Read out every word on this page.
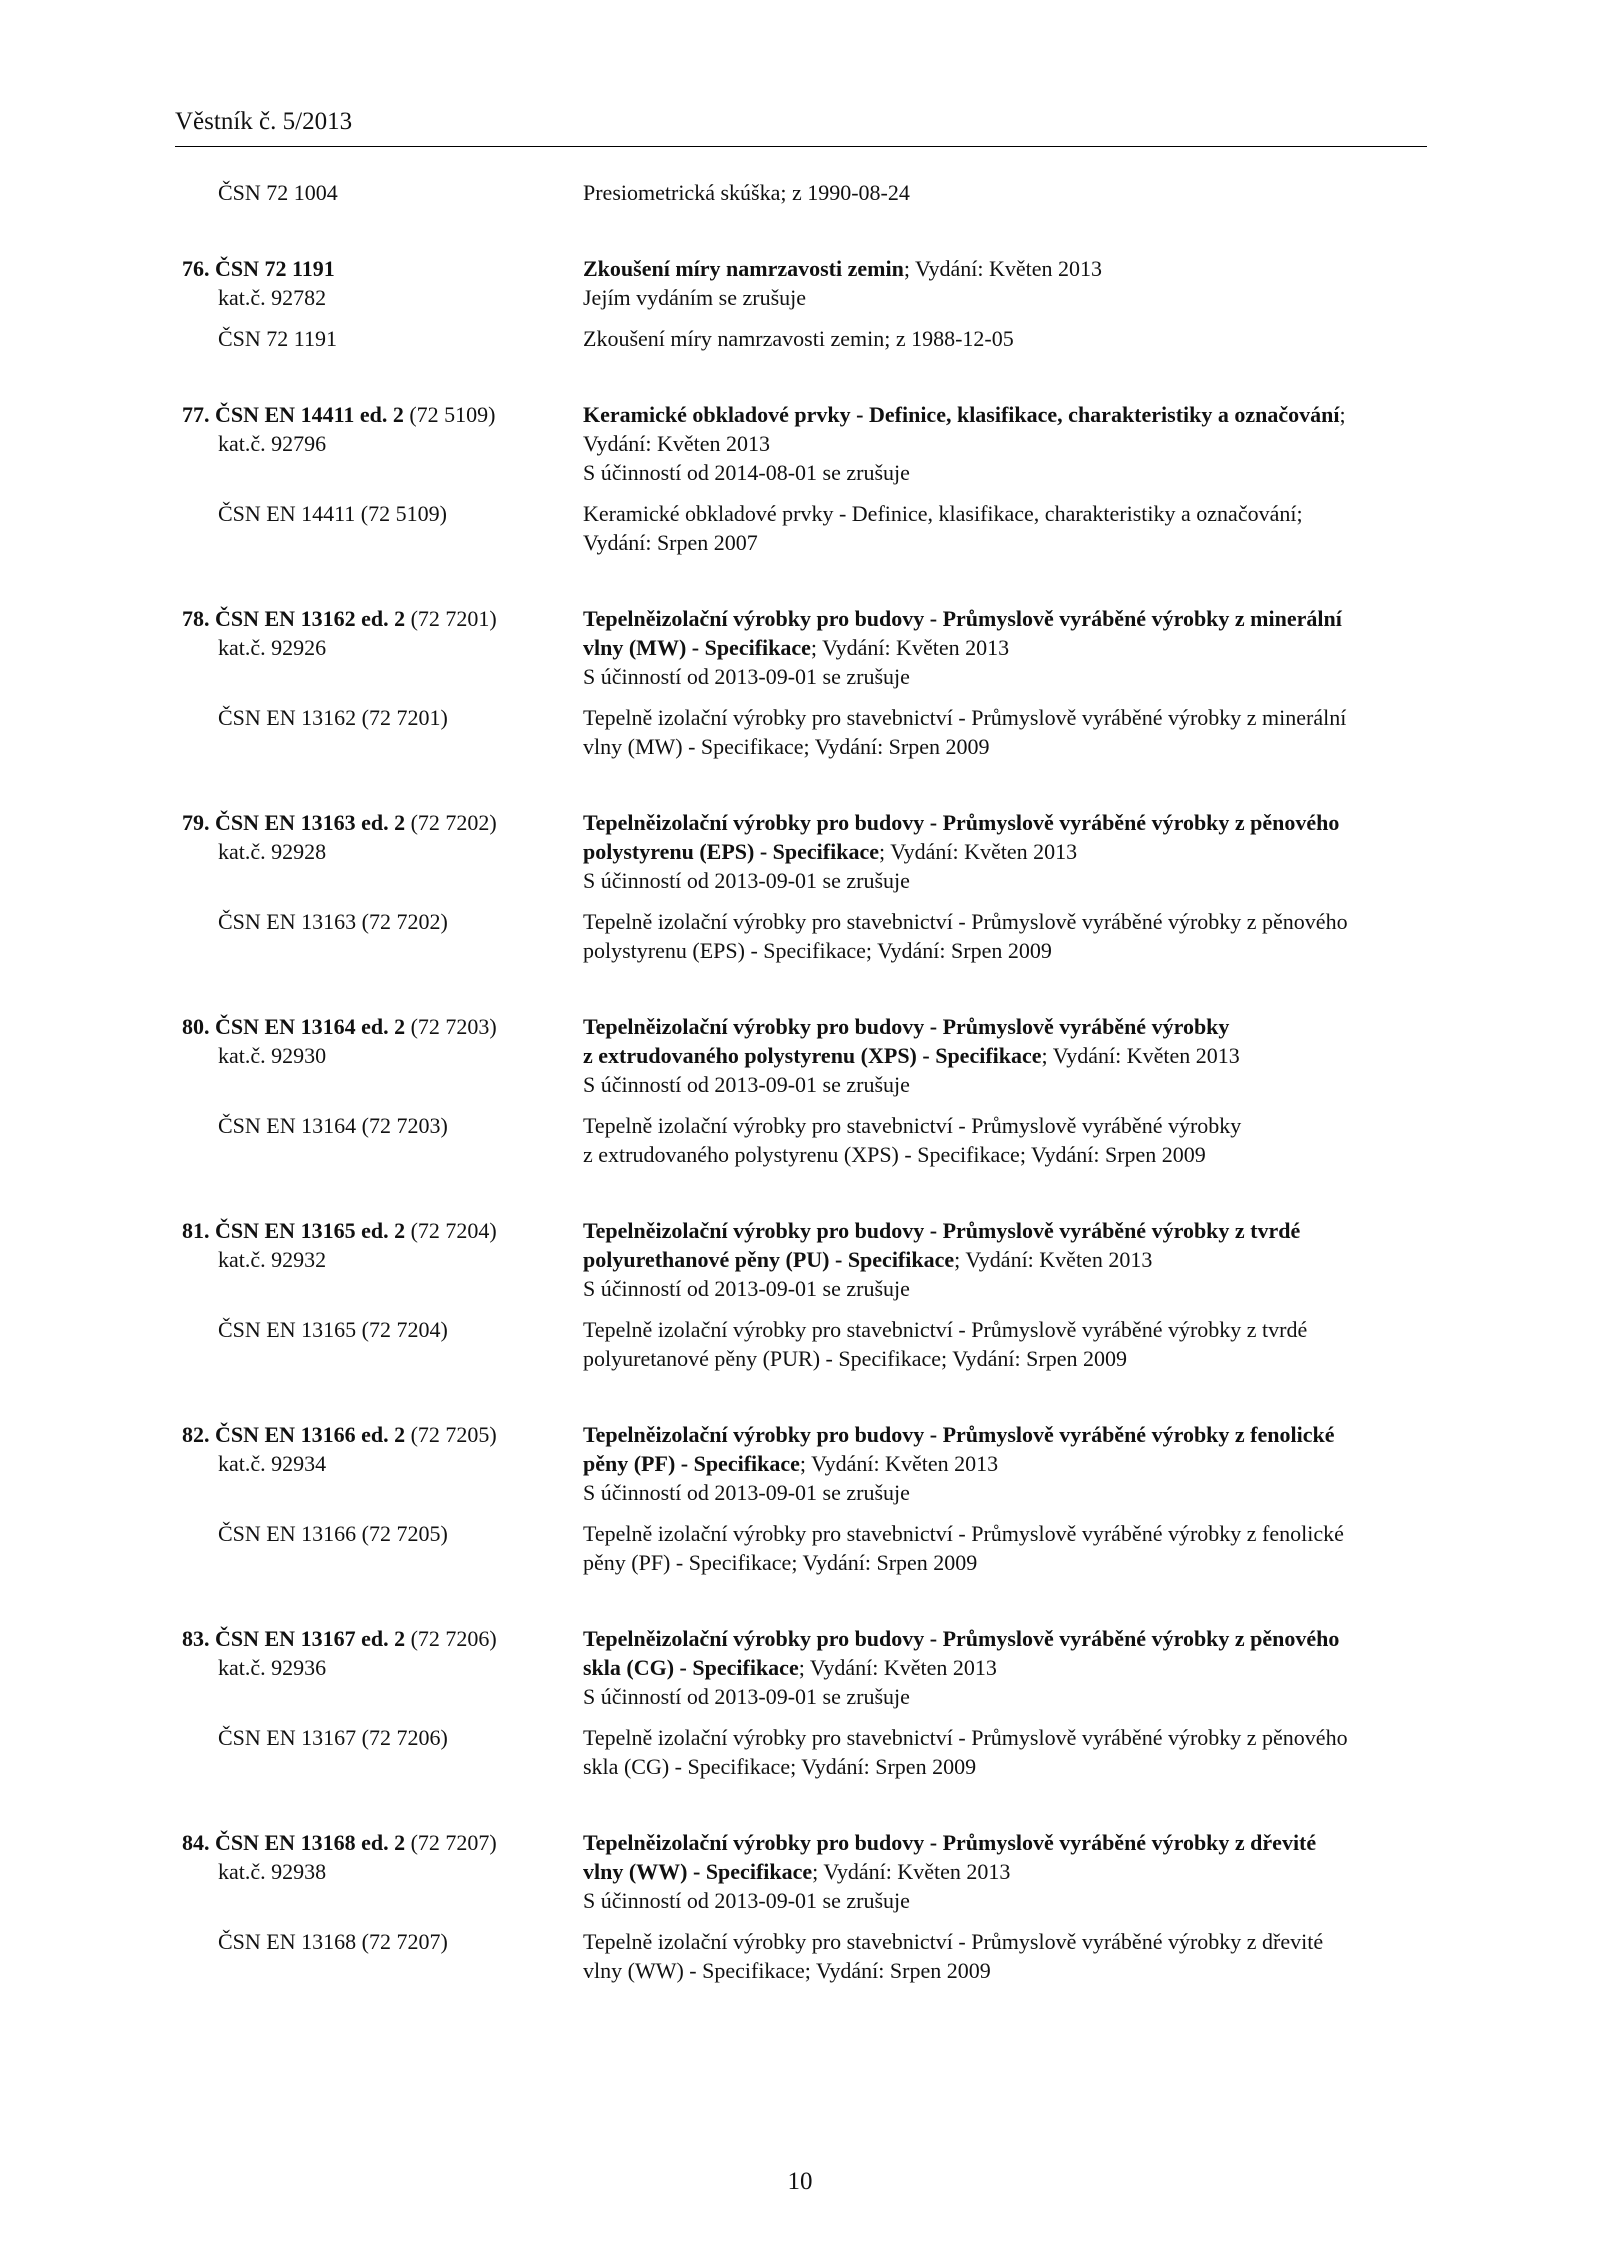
Věstník č. 5/2013
ČSN 72 1004	Presiometrická skúška; z 1990-08-24
76. ČSN 72 1191	Zkoušení míry namrzavosti zemin; Vydání: Květen 2013
kat.č. 92782	Jejím vydáním se zrušuje
ČSN 72 1191	Zkoušení míry namrzavosti zemin; z 1988-12-05
77. ČSN EN 14411 ed. 2 (72 5109)	Keramické obkladové prvky - Definice, klasifikace, charakteristiky a označování;
kat.č. 92796	Vydání: Květen 2013
S účinností od 2014-08-01 se zrušuje
ČSN EN 14411 (72 5109)	Keramické obkladové prvky - Definice, klasifikace, charakteristiky a označování;
Vydání: Srpen 2007
78. ČSN EN 13162 ed. 2 (72 7201)	Tepelněizolační výrobky pro budovy - Průmyslově vyráběné výrobky z minerální
kat.č. 92926	vlny (MW) - Specifikace; Vydání: Květen 2013
S účinností od 2013-09-01 se zrušuje
ČSN EN 13162 (72 7201)	Tepelně izolační výrobky pro stavebnictví - Průmyslově vyráběné výrobky z minerální
vlny (MW) - Specifikace; Vydání: Srpen 2009
79. ČSN EN 13163 ed. 2 (72 7202)	Tepelněizolační výrobky pro budovy - Průmyslově vyráběné výrobky z pěnového
kat.č. 92928	polystyrenu (EPS) - Specifikace; Vydání: Květen 2013
S účinností od 2013-09-01 se zrušuje
ČSN EN 13163 (72 7202)	Tepelně izolační výrobky pro stavebnictví - Průmyslově vyráběné výrobky z pěnového
polystyrenu (EPS) - Specifikace; Vydání: Srpen 2009
80. ČSN EN 13164 ed. 2 (72 7203)	Tepelněizolační výrobky pro budovy - Průmyslově vyráběné výrobky
kat.č. 92930	z extrudovaného polystyrenu (XPS) - Specifikace; Vydání: Květen 2013
S účinností od 2013-09-01 se zrušuje
ČSN EN 13164 (72 7203)	Tepelně izolační výrobky pro stavebnictví - Průmyslově vyráběné výrobky
z extrudovaného polystyrenu (XPS) - Specifikace; Vydání: Srpen 2009
81. ČSN EN 13165 ed. 2 (72 7204)	Tepelněizolační výrobky pro budovy - Průmyslově vyráběné výrobky z tvrdé
kat.č. 92932	polyurethanové pěny (PU) - Specifikace; Vydání: Květen 2013
S účinností od 2013-09-01 se zrušuje
ČSN EN 13165 (72 7204)	Tepelně izolační výrobky pro stavebnictví - Průmyslově vyráběné výrobky z tvrdé
polyuretanové pěny (PUR) - Specifikace; Vydání: Srpen 2009
82. ČSN EN 13166 ed. 2 (72 7205)	Tepelněizolační výrobky pro budovy - Průmyslově vyráběné výrobky z fenolické
kat.č. 92934	pěny (PF) - Specifikace; Vydání: Květen 2013
S účinností od 2013-09-01 se zrušuje
ČSN EN 13166 (72 7205)	Tepelně izolační výrobky pro stavebnictví - Průmyslově vyráběné výrobky z fenolické
pěny (PF) - Specifikace; Vydání: Srpen 2009
83. ČSN EN 13167 ed. 2 (72 7206)	Tepelněizolační výrobky pro budovy - Průmyslově vyráběné výrobky z pěnového
kat.č. 92936	skla (CG) - Specifikace; Vydání: Květen 2013
S účinností od 2013-09-01 se zrušuje
ČSN EN 13167 (72 7206)	Tepelně izolační výrobky pro stavebnictví - Průmyslově vyráběné výrobky z pěnového
skla (CG) - Specifikace; Vydání: Srpen 2009
84. ČSN EN 13168 ed. 2 (72 7207)	Tepelněizolační výrobky pro budovy - Průmyslově vyráběné výrobky z dřevité
kat.č. 92938	vlny (WW) - Specifikace; Vydání: Květen 2013
S účinností od 2013-09-01 se zrušuje
ČSN EN 13168 (72 7207)	Tepelně izolační výrobky pro stavebnictví - Průmyslově vyráběné výrobky z dřevité
vlny (WW) - Specifikace; Vydání: Srpen 2009
10
